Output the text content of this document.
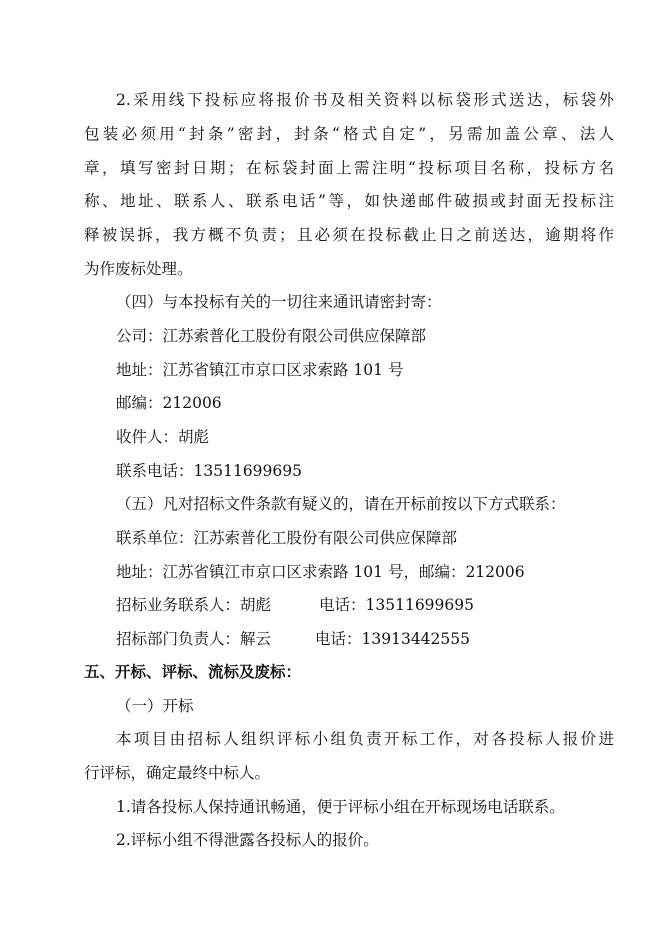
2.采用线下投标应将报价书及相关资料以标袋形式送达，标袋外
包装必须用“封条”密封，封条“格式自定”，另需加盖公章、法人
章，填写密封日期；在标袋封面上需注明“投标项目名称，投标方名
称、地址、联系人、联系电话”等，如快递邮件破损或封面无投标注
释被误拆，我方概不负责；且必须在投标截止日之前送达，逾期将作
为作废标处理。
（四）与本投标有关的一切往来通讯请密封寄：
公司：江苏索普化工股份有限公司供应保障部
地址：江苏省镇江市京口区求索路 101 号
邮编：212006
收件人：胡彪
联系电话：13511699695
（五）凡对招标文件条款有疑义的，请在开标前按以下方式联系：
联系单位：江苏索普化工股份有限公司供应保障部
地址：江苏省镇江市京口区求索路 101 号，邮编：212006
招标业务联系人：胡彪	电话：13511699695
招标部门负责人：解云	电话：13913442555
五、开标、评标、流标及废标：
（一）开标
本项目由招标人组织评标小组负责开标工作，对各投标人报价进
行评标，确定最终中标人。
1.请各投标人保持通讯畅通，便于评标小组在开标现场电话联系。
2.评标小组不得泄露各投标人的报价。
